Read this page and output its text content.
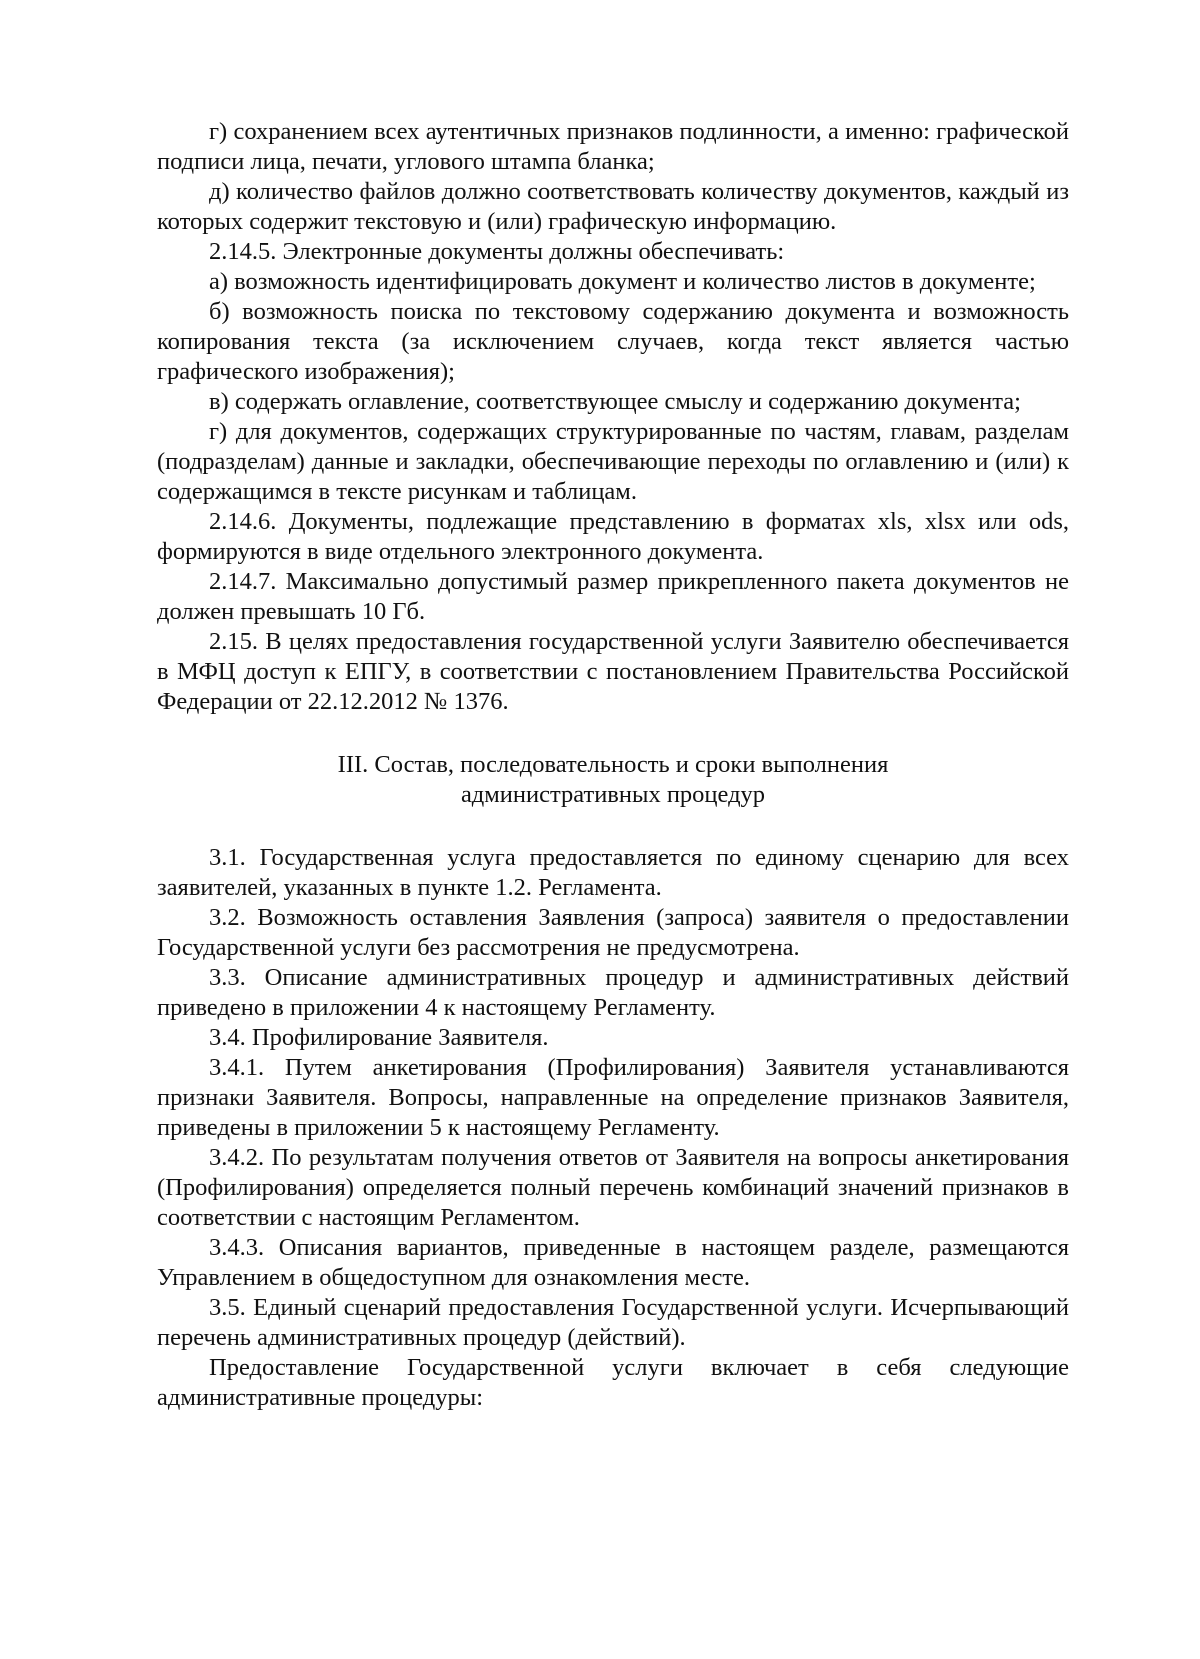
г) сохранением всех аутентичных признаков подлинности, а именно: графической подписи лица, печати, углового штампа бланка;

д) количество файлов должно соответствовать количеству документов, каждый из которых содержит текстовую и (или) графическую информацию.

2.14.5. Электронные документы должны обеспечивать:

а) возможность идентифицировать документ и количество листов в документе;

б) возможность поиска по текстовому содержанию документа и возможность копирования текста (за исключением случаев, когда текст является частью графического изображения);

в) содержать оглавление, соответствующее смыслу и содержанию документа;

г) для документов, содержащих структурированные по частям, главам, разделам (подразделам) данные и закладки, обеспечивающие переходы по оглавлению и (или) к содержащимся в тексте рисункам и таблицам.

2.14.6. Документы, подлежащие представлению в форматах xls, xlsx или ods, формируются в виде отдельного электронного документа.

2.14.7. Максимально допустимый размер прикрепленного пакета документов не должен превышать 10 Гб.

2.15. В целях предоставления государственной услуги Заявителю обеспечивается в МФЦ доступ к ЕПГУ, в соответствии с постановлением Правительства Российской Федерации от 22.12.2012 № 1376.

III. Состав, последовательность и сроки выполнения
административных процедур

3.1. Государственная услуга предоставляется по единому сценарию для всех заявителей, указанных в пункте 1.2. Регламента.

3.2. Возможность оставления Заявления (запроса) заявителя о предоставлении Государственной услуги без рассмотрения не предусмотрена.

3.3. Описание административных процедур и административных действий приведено в приложении 4 к настоящему Регламенту.

3.4. Профилирование Заявителя.

3.4.1. Путем анкетирования (Профилирования) Заявителя устанавливаются признаки Заявителя. Вопросы, направленные на определение признаков Заявителя, приведены в приложении 5 к настоящему Регламенту.

3.4.2. По результатам получения ответов от Заявителя на вопросы анкетирования (Профилирования) определяется полный перечень комбинаций значений признаков в соответствии с настоящим Регламентом.

3.4.3. Описания вариантов, приведенные в настоящем разделе, размещаются Управлением в общедоступном для ознакомления месте.

3.5. Единый сценарий предоставления Государственной услуги. Исчерпывающий перечень административных процедур (действий).

Предоставление Государственной услуги включает в себя следующие административные процедуры:
